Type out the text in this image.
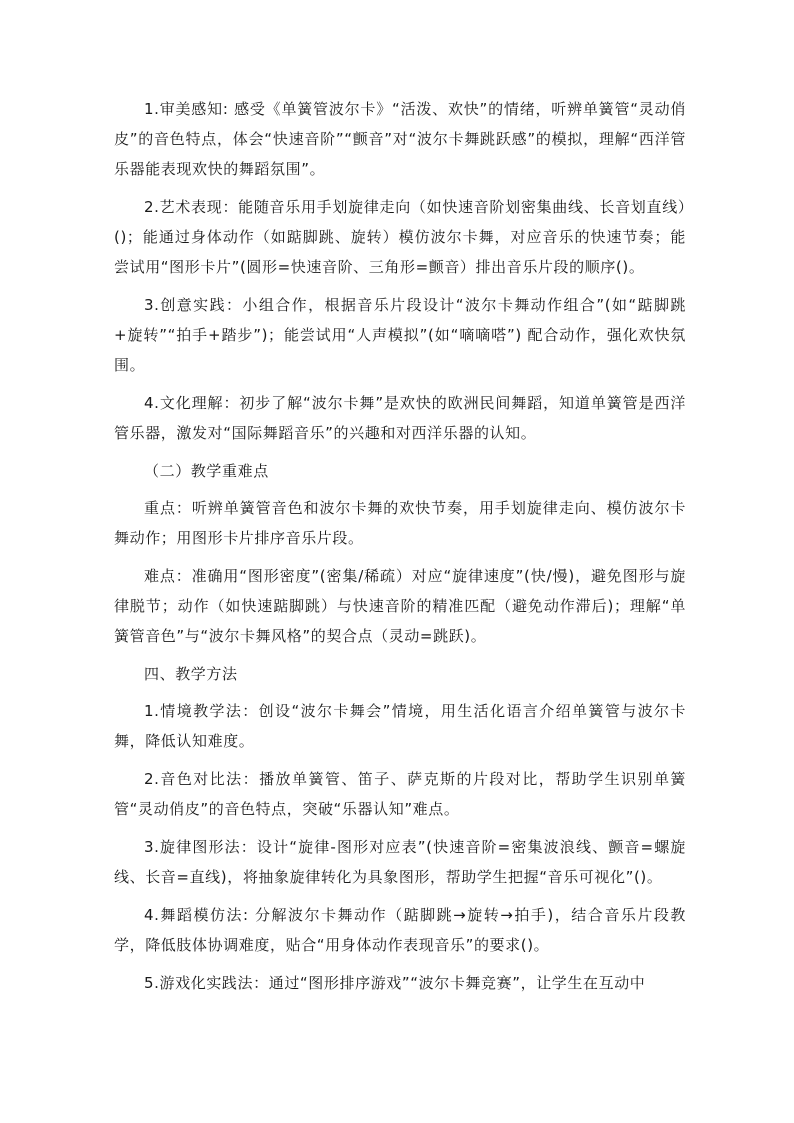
1.审美感知: 感受《单簧管波尔卡》“活泼、欢快”的情绪，听辨单簧管“灵动俏皮”的音色特点，体会“快速音阶”“颤音”对“波尔卡舞跳跃感”的模拟，理解“西洋管乐器能表现欢快的舞蹈氛围”。

2.艺术表现：能随音乐用手划旋律走向（如快速音阶划密集曲线、长音划直线）()；能通过身体动作（如踮脚跳、旋转）模仿波尔卡舞，对应音乐的快速节奏；能尝试用“图形卡片”(圆形=快速音阶、三角形=颤音）排出音乐片段的顺序()。

3.创意实践：小组合作，根据音乐片段设计“波尔卡舞动作组合”(如“踮脚跳+旋转”“拍手+踏步”)；能尝试用“人声模拟”(如“嘀嘀嗒”) 配合动作，强化欢快氛围。

4.文化理解：初步了解“波尔卡舞”是欢快的欧洲民间舞蹈，知道单簧管是西洋管乐器，激发对“国际舞蹈音乐”的兴趣和对西洋乐器的认知。

（二）教学重难点

重点：听辨单簧管音色和波尔卡舞的欢快节奏，用手划旋律走向、模仿波尔卡舞动作；用图形卡片排序音乐片段。

难点：准确用“图形密度”(密集/稀疏）对应“旋律速度”(快/慢)，避免图形与旋律脱节；动作（如快速踮脚跳）与快速音阶的精准匹配（避免动作滞后)；理解“单簧管音色”与“波尔卡舞风格”的契合点（灵动=跳跃)。

四、教学方法

1.情境教学法：创设“波尔卡舞会”情境，用生活化语言介绍单簧管与波尔卡舞，降低认知难度。

2.音色对比法：播放单簧管、笛子、萨克斯的片段对比，帮助学生识别单簧管“灵动俏皮”的音色特点，突破“乐器认知”难点。

3.旋律图形法：设计“旋律-图形对应表”(快速音阶=密集波浪线、颤音=螺旋线、长音=直线)，将抽象旋律转化为具象图形，帮助学生把握“音乐可视化”()。

4.舞蹈模仿法: 分解波尔卡舞动作（踮脚跳→旋转→拍手)，结合音乐片段教学，降低肢体协调难度，贴合“用身体动作表现音乐”的要求()。

5.游戏化实践法：通过“图形排序游戏”“波尔卡舞竞赛”，让学生在互动中
